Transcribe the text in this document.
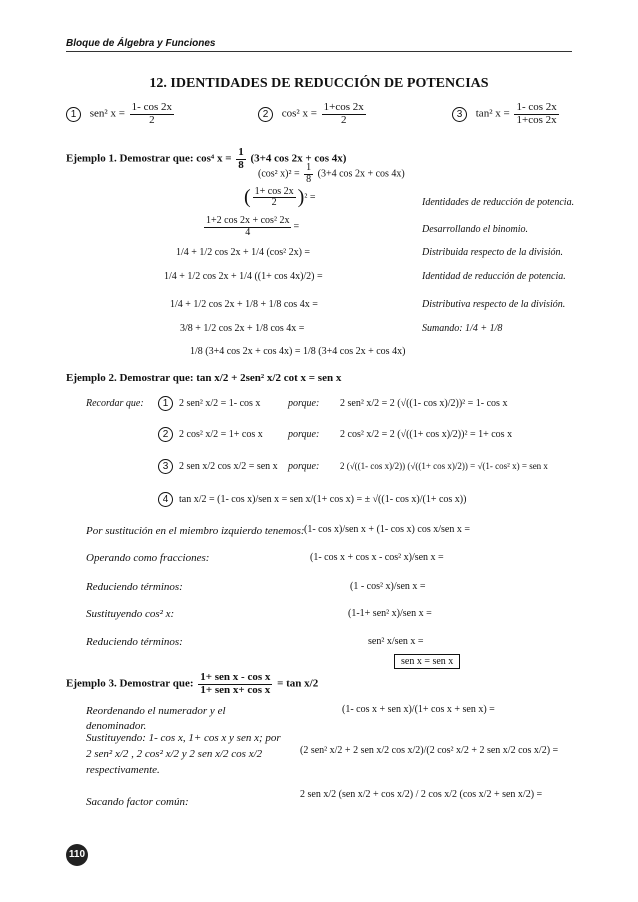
Bloque de Álgebra y Funciones
12. IDENTIDADES DE REDUCCIÓN DE POTENCIAS
1 sen² $x = \frac{1- \cos 2x}{2}$	2 cos² $x = \frac{1+\cos 2x}{2}$	3 tan² $x = \frac{1- \cos 2x}{1+\cos 2x}$
Ejemplo 1. Demostrar que: cos⁴ $x = \frac{1}{8} (3+4$ cos 2x + cos 4x)
(cos² $x)^2 = \frac{1}{8} (3+4$ cos 2x + cos 4x)
( $\frac{1+ \cos 2x}{2} )^2$ =	Identidades de reducción de potencia.
$\frac{\text{1+2 cos 2x + cos² 2x}}{4}$ =	Desarrollando el binomio.
1/4 + 1/2 cos 2x + 1/4 (cos² 2x) =	Distribuida respecto de la división.
1/4 + 1/2 cos 2x + 1/4 ((1+ cos 4x)/2) =	Identidad de reducción de potencia.
1/4 + 1/2 cos 2x + 1/8 + 1/8 cos 4x =	Distributiva respecto de la división.
3/8 + 1/2 cos 2x + 1/8 cos 4x =	Sumando: 1/4 + 1/8
1/8 (3+4 cos 2x + cos 4x) = 1/8 (3+4 cos 2x + cos 4x)
Ejemplo 2. Demostrar que: tan x/2 + 2sen² x/2 cot x = sen x
Recordar que:	1 2 sen² x/2 = 1- cos x	porque: 2 sen² x/2 = 2 (√((1- cos x)/2))² = 1- cos x
2 2 cos² x/2 = 1+ cos x	porque: 2 cos² x/2 = 2 (√((1+ cos x)/2))² = 1+ cos x
3 2 sen x/2 cos x/2 = sen x porque: 2 (√((1- cos x)/2)) (√((1+ cos x)/2)) = √(1- cos² x) = sen x
4 tan x/2 = (1- cos x)/sen x = sen x/(1+ cos x) = ± √((1- cos x)/(1+ cos x))
Por sustitución en el miembro izquierdo tenemos: (1- cos x)/sen x + (1- cos x) cos x/sen x =
Operando como fracciones:	(1- cos x + cos x - cos² x)/sen x =
Reduciendo términos:	(1 - cos² x)/sen x =
Sustituyendo cos² x:	(1-1+ sen² x)/sen x =
Reduciendo términos:	sen² x/sen x =
sen x = sen x
Ejemplo 3. Demostrar que:
1+ sen x - cos x
1+ sen x+ cos x = tan x/2
Reordenando el numerador y el denominador.
(1- cos x + sen x)/(1+ cos x + sen x) =
Sustituyendo: 1- cos x, 1+ cos x y sen x; por 2 sen² x/2 , 2 cos² x/2 y 2 sen x/2 cos x/2 respectivamente.
(2 sen² x/2 + 2 sen x/2 cos x/2)/(2 cos² x/2 + 2 sen x/2 cos x/2) =
Sacando factor común:
2 sen x/2 (sen x/2 + cos x/2) / 2 cos x/2 (cos x/2 + sen x/2) =
110
